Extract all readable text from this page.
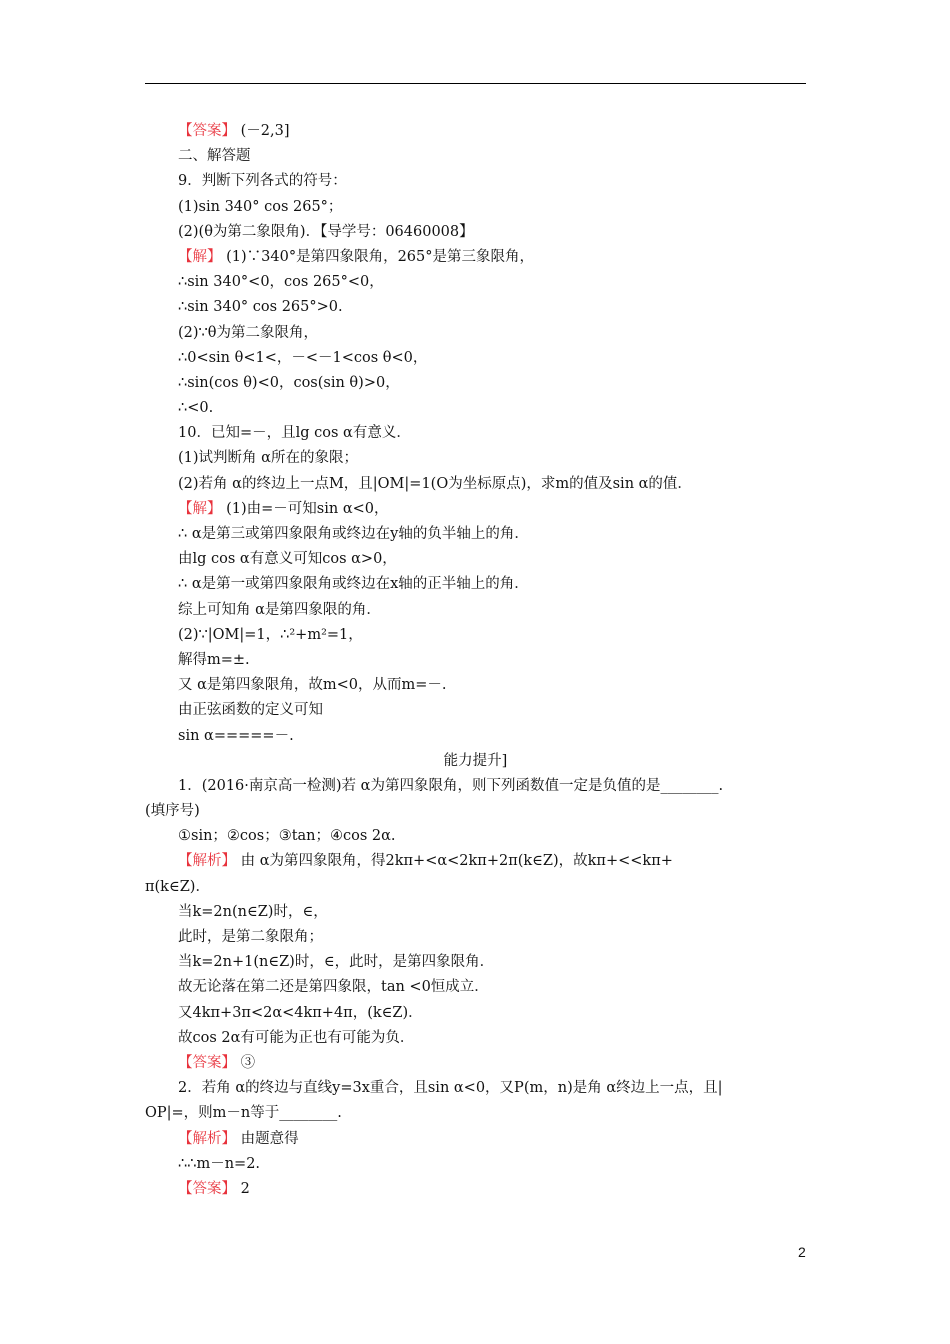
【答案】 (－2,3]
二、解答题
9．判断下列各式的符号：
(1)sin 340° cos 265°；
(2)(θ为第二象限角)．【导学号：06460008】
【解】 (1)∵340°是第四象限角，265°是第三象限角，
∴sin 340°<0，cos 265°<0，
∴sin 340° cos 265°>0.
(2)∵θ为第二象限角，
∴0<sin θ<1<，－<－1<cos θ<0，
∴sin(cos θ)<0，cos(sin θ)>0，
∴<0.
10．已知=－，且lg cos α有意义．
(1)试判断角 α所在的象限；
(2)若角 α的终边上一点M，且|OM|=1(O为坐标原点)，求m的值及sin α的值．
【解】 (1)由=－可知sin α<0，
∴ α是第三或第四象限角或终边在y轴的负半轴上的角．
由lg cos α有意义可知cos α>0，
∴ α是第一或第四象限角或终边在x轴的正半轴上的角．
综上可知角 α是第四象限的角．
(2)∵|OM|=1，∴²+m²=1，
解得m=±.
又 α是第四象限角，故m<0，从而m=－.
由正弦函数的定义可知
sin α=====－.
能力提升]
1．(2016·南京高一检测)若 α为第四象限角，则下列函数值一定是负值的是________.
(填序号)
①sin；②cos；③tan；④cos 2α.
【解析】 由 α为第四象限角，得2kπ+<α<2kπ+2π(k∈Z)，故kπ+<<kπ+
π(k∈Z)．
当k=2n(n∈Z)时，∈，
此时，是第二象限角；
当k=2n+1(n∈Z)时，∈，此时，是第四象限角．
故无论落在第二还是第四象限，tan <0恒成立．
又4kπ+3π<2α<4kπ+4π，(k∈Z)．
故cos 2α有可能为正也有可能为负．
【答案】 ③
2．若角 α的终边与直线y=3x重合，且sin α<0，又P(m，n)是角 α终边上一点，且|
OP|=，则m－n等于________.
【解析】 由题意得
∴∴m－n=2.
【答案】 2
2
